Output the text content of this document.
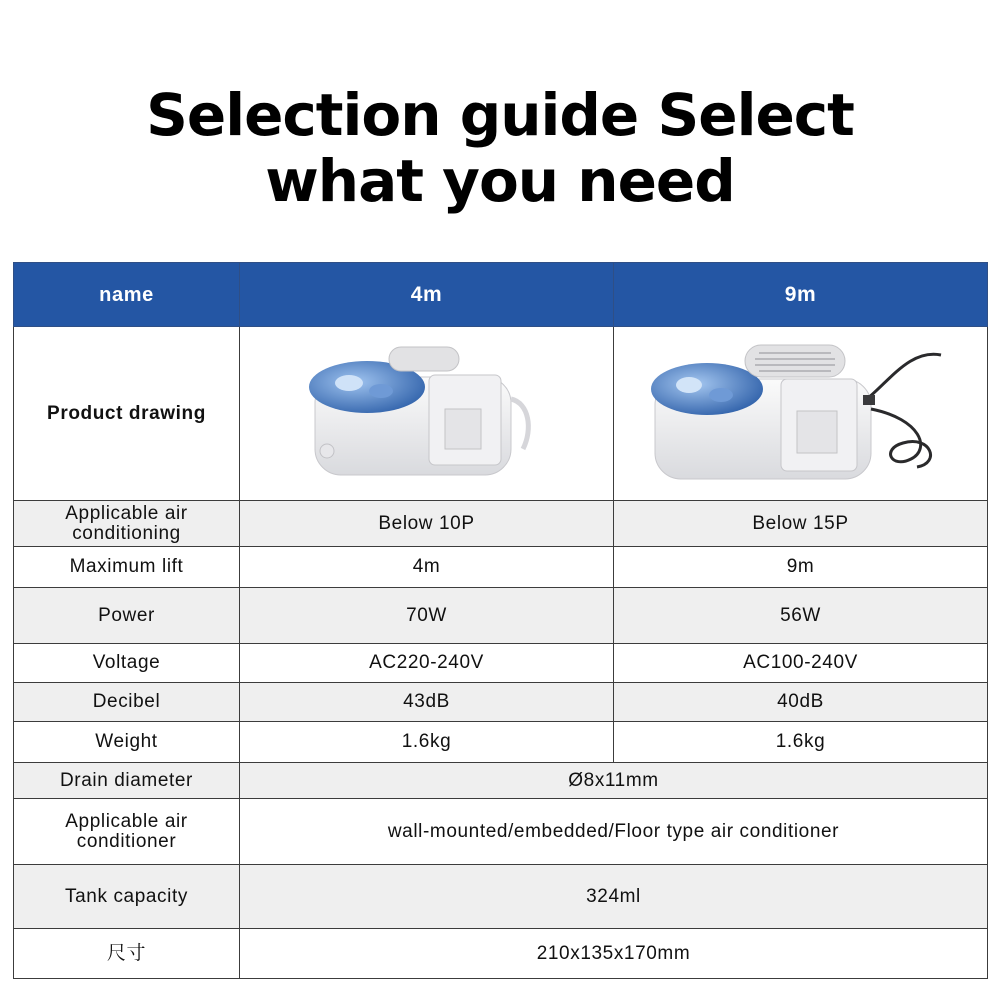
Selection guide Select
what you need
name	4m	9m
Product drawing	

Applicable air conditioning	Below 10P	Below 15P
Maximum lift	4m	9m
Power	70W	56W
Voltage	AC220-240V	AC100-240V
Decibel	43dB	40dB
Weight	1.6kg	1.6kg
Drain diameter	Ø8x11mm	
Applicable air conditioner	wall-mounted/embedded/Floor type air conditioner	
Tank capacity	324ml	
尺寸	210x135x170mm	
